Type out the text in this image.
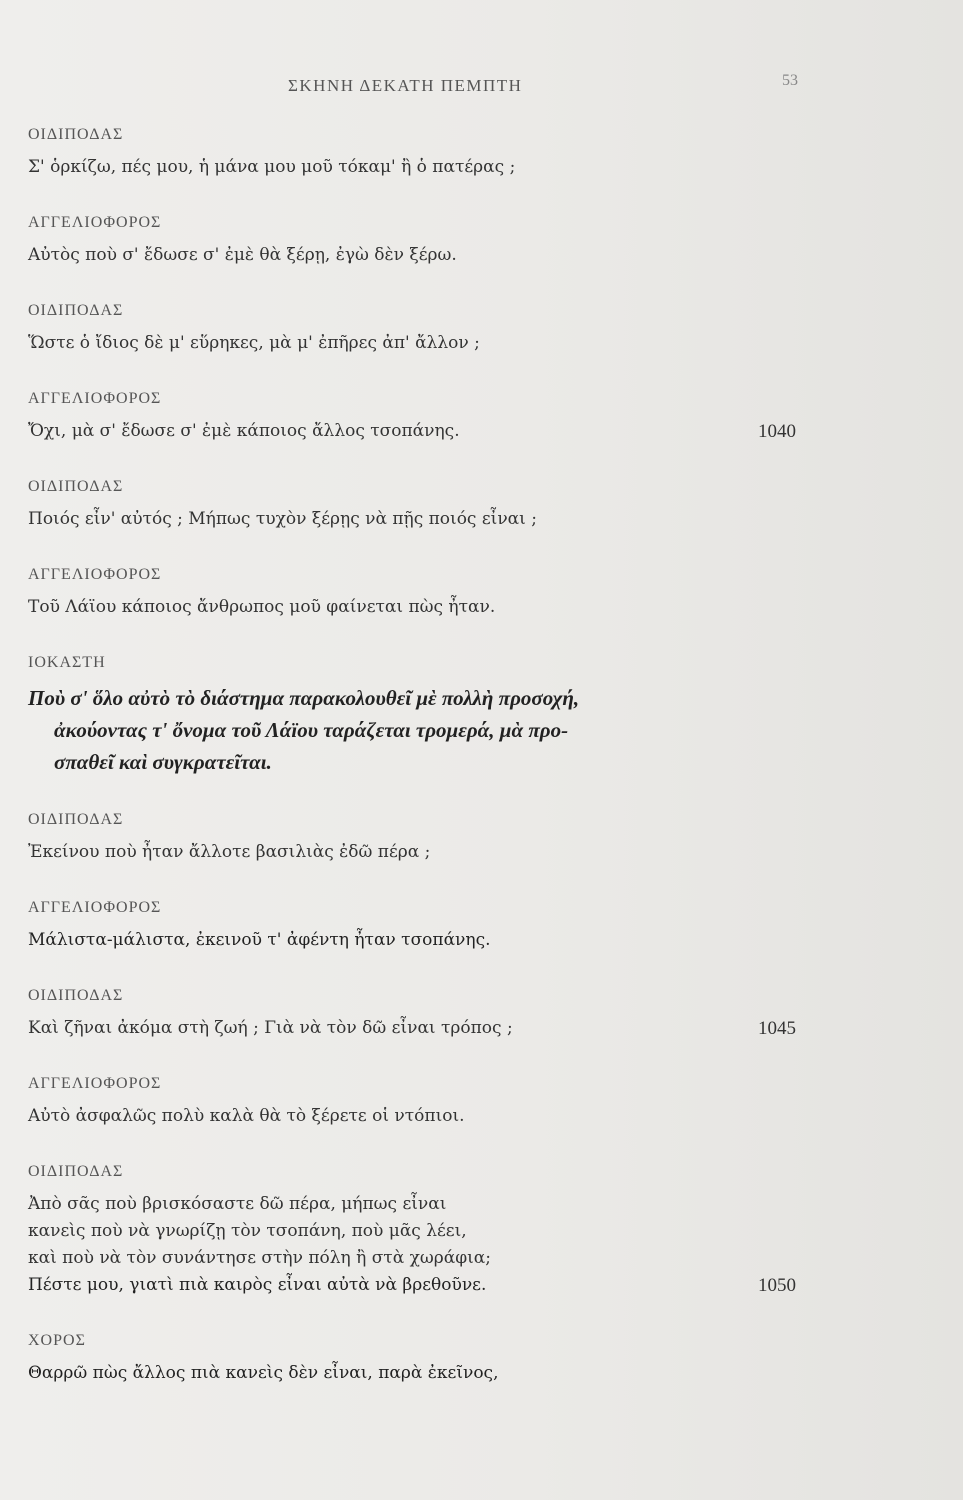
ΣΚΗΝΗ ΔΕΚΑΤΗ ΠΕΜΠΤΗ	53
ΟΙΔΙΠΟΔΑΣ
Σ' ὁρκίζω, πές μου, ἡ μάνα μου μοῦ τόκαμ' ἢ ὁ πατέρας ;
ΑΓΓΕΛΙΟΦΟΡΟΣ
Αὐτὸς ποὺ σ' ἔδωσε σ' ἐμὲ θὰ ξέρῃ, ἐγὼ δὲν ξέρω.
ΟΙΔΙΠΟΔΑΣ
Ὥστε ὁ ἴδιος δὲ μ' εὕρηκες, μὰ μ' ἐπῆρες ἀπ' ἄλλον ;
ΑΓΓΕΛΙΟΦΟΡΟΣ
Ὄχι, μὰ σ' ἔδωσε σ' ἐμὲ κάποιος ἄλλος τσοπάνης.	1040
ΟΙΔΙΠΟΔΑΣ
Ποιός εἶν' αὐτός ; Μήπως τυχὸν ξέρῃς νὰ πῇς ποιός εἶναι ;
ΑΓΓΕΛΙΟΦΟΡΟΣ
Τοῦ Λάϊου κάποιος ἄνθρωπος μοῦ φαίνεται πὼς ἦταν.
ΙΟΚΑΣΤΗ
Ποὺ σ' ὅλο αὐτὸ τὸ διάστημα παρακολουθεῖ μὲ πολλὴ προσοχή,
ἀκούοντας τ' ὄνομα τοῦ Λάϊου ταράζεται τρομερά, μὰ προ-
σπαθεῖ καὶ συγκρατεῖται.
ΟΙΔΙΠΟΔΑΣ
Ἐκείνου ποὺ ἦταν ἄλλοτε βασιλιὰς ἐδῶ πέρα ;
ΑΓΓΕΛΙΟΦΟΡΟΣ
Μάλιστα-μάλιστα, ἐκεινοῦ τ' ἀφέντη ἦταν τσοπάνης.
ΟΙΔΙΠΟΔΑΣ
Καὶ ζῆναι ἀκόμα στὴ ζωή ; Γιὰ νὰ τὸν δῶ εἶναι τρόπος ;	1045
ΑΓΓΕΛΙΟΦΟΡΟΣ
Αὐτὸ ἀσφαλῶς πολὺ καλὰ θὰ τὸ ξέρετε οἱ ντόπιοι.
ΟΙΔΙΠΟΔΑΣ
Ἀπὸ σᾶς ποὺ βρισκόσαστε δῶ πέρα, μήπως εἶναι
κανεὶς ποὺ νὰ γνωρίζῃ τὸν τσοπάνη, ποὺ μᾶς λέει,
καὶ ποὺ νὰ τὸν συνάντησε στὴν πόλη ἢ στὰ χωράφια;
Πέστε μου, γιατὶ πιὰ καιρὸς εἶναι αὐτὰ νὰ βρεθοῦνε.	1050
ΧΟΡΟΣ
Θαρρῶ πὼς ἄλλος πιὰ κανεὶς δὲν εἶναι, παρὰ ἐκεῖνος,
